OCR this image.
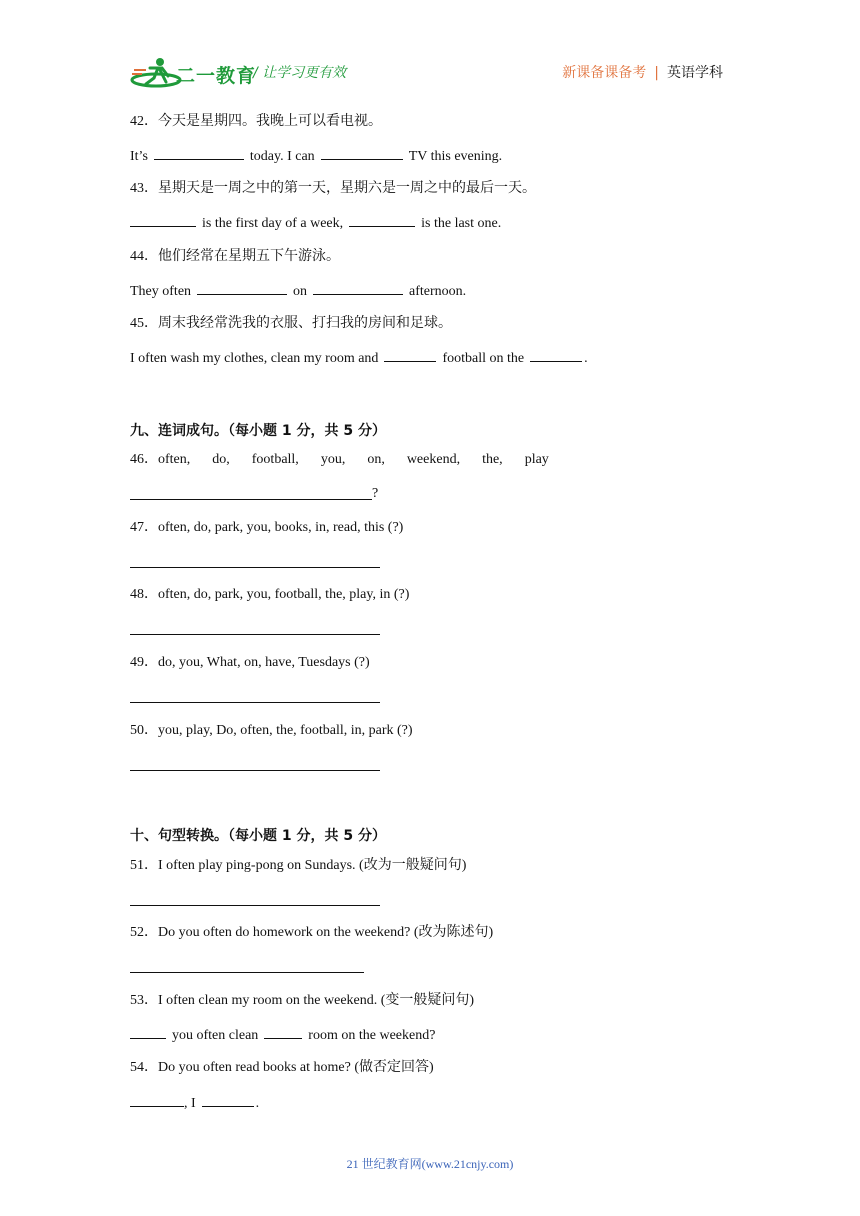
二一教育
/ 让学习更有效	新课备课备考 | 英语学科
42．今天是星期四。我晚上可以看电视。
It’s	today. I can	TV this evening.
43．星期天是一周之中的第一天，星期六是一周之中的最后一天。
is the first day of a week,	is the last one.
44．他们经常在星期五下午游泳。
They often	on	afternoon.
45．周末我经常洗我的衣服、打扫我的房间和足球。
I often wash my clothes, clean my room and	football on the	.
九、连词成句。（每小题 1 分，共 5 分）
46．often, do, football, you, on, weekend, the, play
?
47．often, do, park, you, books, in, read, this (?)
48．often, do, park, you, football, the, play, in (?)
49．do, you, What, on, have, Tuesdays (?)
50．you, play, Do, often, the, football, in, park (?)
十、句型转换。（每小题 1 分，共 5 分）
51．I often play ping-pong on Sundays. (改为一般疑问句)
52．Do you often do homework on the weekend? (改为陈述句)
53．I often clean my room on the weekend. (变一般疑问句)
you often clean	room on the weekend?
54．Do you often read books at home? (做否定回答)
, I	.
21 世纪教育网(www.21cnjy.com)
